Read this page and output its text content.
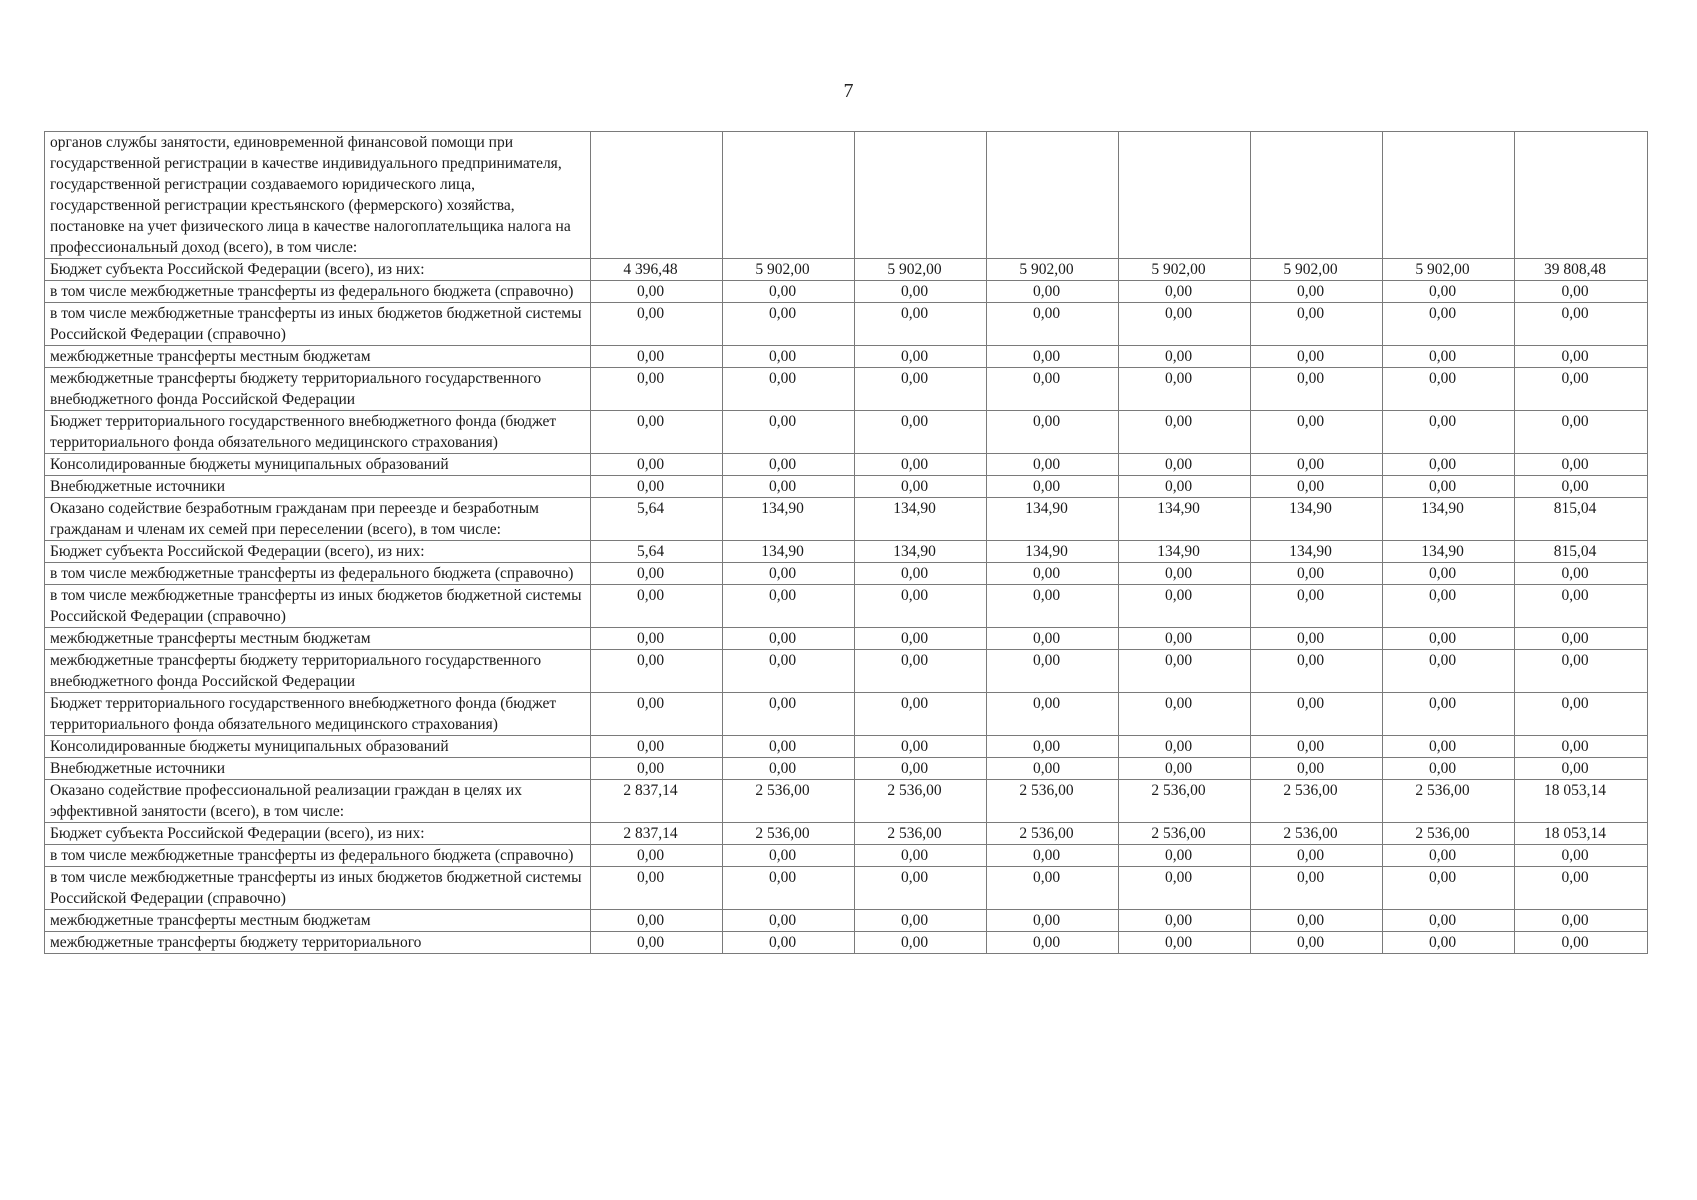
7
органов службы занятости, единовременной финансовой помощи при государственной регистрации в качестве индивидуального предпринимателя, государственной регистрации создаваемого юридического лица, государственной регистрации крестьянского (фермерского) хозяйства, постановке на учет физического лица в качестве налогоплательщика налога на профессиональный доход (всего), в том числе:								
Бюджет субъекта Российской Федерации (всего), из них:	4 396,48	5 902,00	5 902,00	5 902,00	5 902,00	5 902,00	5 902,00	39 808,48
в том числе межбюджетные трансферты из федерального бюджета (справочно)	0,00	0,00	0,00	0,00	0,00	0,00	0,00	0,00
в том числе межбюджетные трансферты из иных бюджетов бюджетной системы Российской Федерации (справочно)	0,00	0,00	0,00	0,00	0,00	0,00	0,00	0,00
межбюджетные трансферты местным бюджетам	0,00	0,00	0,00	0,00	0,00	0,00	0,00	0,00
межбюджетные трансферты бюджету территориального государственного внебюджетного фонда Российской Федерации	0,00	0,00	0,00	0,00	0,00	0,00	0,00	0,00
Бюджет территориального государственного внебюджетного фонда (бюджет территориального фонда обязательного медицинского страхования)	0,00	0,00	0,00	0,00	0,00	0,00	0,00	0,00
Консолидированные бюджеты муниципальных образований	0,00	0,00	0,00	0,00	0,00	0,00	0,00	0,00
Внебюджетные источники	0,00	0,00	0,00	0,00	0,00	0,00	0,00	0,00
Оказано содействие безработным гражданам при переезде и безработным гражданам и членам их семей при переселении (всего), в том числе:	5,64	134,90	134,90	134,90	134,90	134,90	134,90	815,04
Бюджет субъекта Российской Федерации (всего), из них:	5,64	134,90	134,90	134,90	134,90	134,90	134,90	815,04
в том числе межбюджетные трансферты из федерального бюджета (справочно)	0,00	0,00	0,00	0,00	0,00	0,00	0,00	0,00
в том числе межбюджетные трансферты из иных бюджетов бюджетной системы Российской Федерации (справочно)	0,00	0,00	0,00	0,00	0,00	0,00	0,00	0,00
межбюджетные трансферты местным бюджетам	0,00	0,00	0,00	0,00	0,00	0,00	0,00	0,00
межбюджетные трансферты бюджету территориального государственного внебюджетного фонда Российской Федерации	0,00	0,00	0,00	0,00	0,00	0,00	0,00	0,00
Бюджет территориального государственного внебюджетного фонда (бюджет территориального фонда обязательного медицинского страхования)	0,00	0,00	0,00	0,00	0,00	0,00	0,00	0,00
Консолидированные бюджеты муниципальных образований	0,00	0,00	0,00	0,00	0,00	0,00	0,00	0,00
Внебюджетные источники	0,00	0,00	0,00	0,00	0,00	0,00	0,00	0,00
Оказано содействие профессиональной реализации граждан в целях их эффективной занятости (всего), в том числе:	2 837,14	2 536,00	2 536,00	2 536,00	2 536,00	2 536,00	2 536,00	18 053,14
Бюджет субъекта Российской Федерации (всего), из них:	2 837,14	2 536,00	2 536,00	2 536,00	2 536,00	2 536,00	2 536,00	18 053,14
в том числе межбюджетные трансферты из федерального бюджета (справочно)	0,00	0,00	0,00	0,00	0,00	0,00	0,00	0,00
в том числе межбюджетные трансферты из иных бюджетов бюджетной системы Российской Федерации (справочно)	0,00	0,00	0,00	0,00	0,00	0,00	0,00	0,00
межбюджетные трансферты местным бюджетам	0,00	0,00	0,00	0,00	0,00	0,00	0,00	0,00
межбюджетные трансферты бюджету территориального	0,00	0,00	0,00	0,00	0,00	0,00	0,00	0,00
